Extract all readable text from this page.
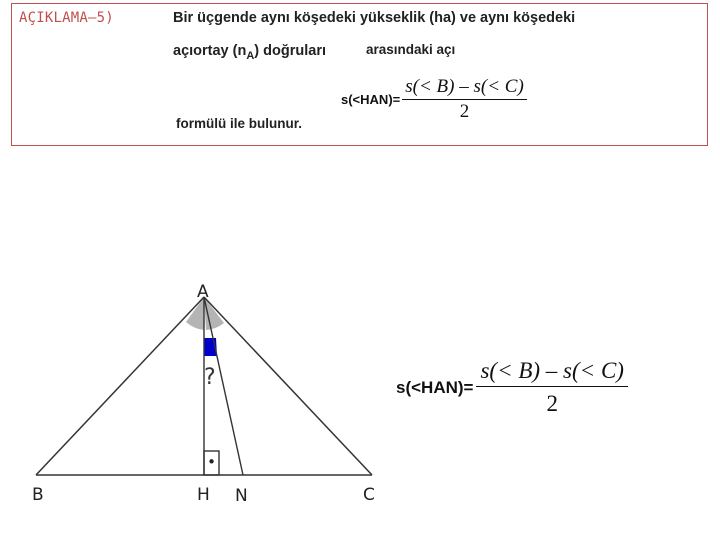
AÇIKLAMA–5)	Bir üçgende aynı köşedeki yükseklik (ha) ve aynı köşedeki
açıortay $(n_A)$ doğruları	arasındaki açı
$s(<HAN)= \frac{s(< B) - s(< C)}{2}$
formülü ile bulunur.
•
?
A
B	H N	C
$s(<HAN)= \frac{s(< B) - s(< C)}{2}$
